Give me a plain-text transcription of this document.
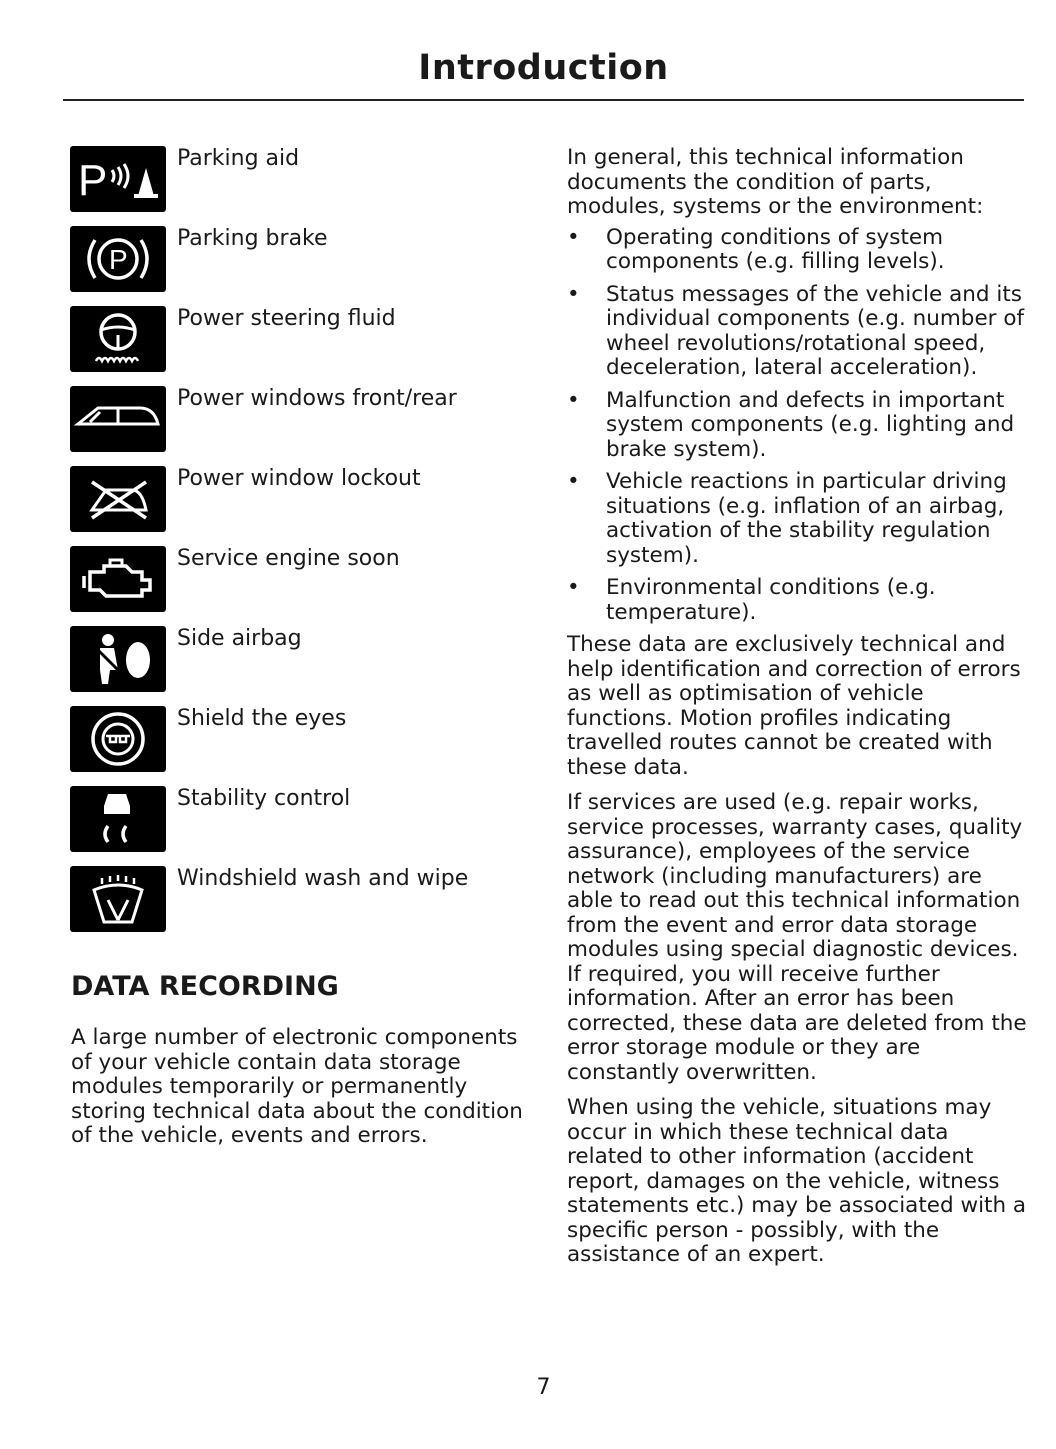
Introduction
P	Parking aid
P
Parking brake
Power steering fluid
Power windows front/rear
Power window lockout
Service engine soon
Side airbag
Shield the eyes
Stability control
Windshield wash and wipe
DATA RECORDING

A large number of electronic components of your vehicle contain data storage modules temporarily or permanently storing technical data about the condition of the vehicle, events and errors.

In general, this technical information documents the condition of parts, modules, systems or the environment:

• Operating conditions of system components (e.g. filling levels).
• Status messages of the vehicle and its individual components (e.g. number of wheel revolutions/rotational speed, deceleration, lateral acceleration).
• Malfunction and defects in important system components (e.g. lighting and brake system).
• Vehicle reactions in particular driving situations (e.g. inflation of an airbag, activation of the stability regulation system).
• Environmental conditions (e.g. temperature).

These data are exclusively technical and help identification and correction of errors as well as optimisation of vehicle functions. Motion profiles indicating travelled routes cannot be created with these data.

If services are used (e.g. repair works, service processes, warranty cases, quality assurance), employees of the service network (including manufacturers) are able to read out this technical information from the event and error data storage modules using special diagnostic devices. If required, you will receive further information. After an error has been corrected, these data are deleted from the error storage module or they are constantly overwritten.

When using the vehicle, situations may occur in which these technical data related to other information (accident report, damages on the vehicle, witness statements etc.) may be associated with a specific person - possibly, with the assistance of an expert.

7
